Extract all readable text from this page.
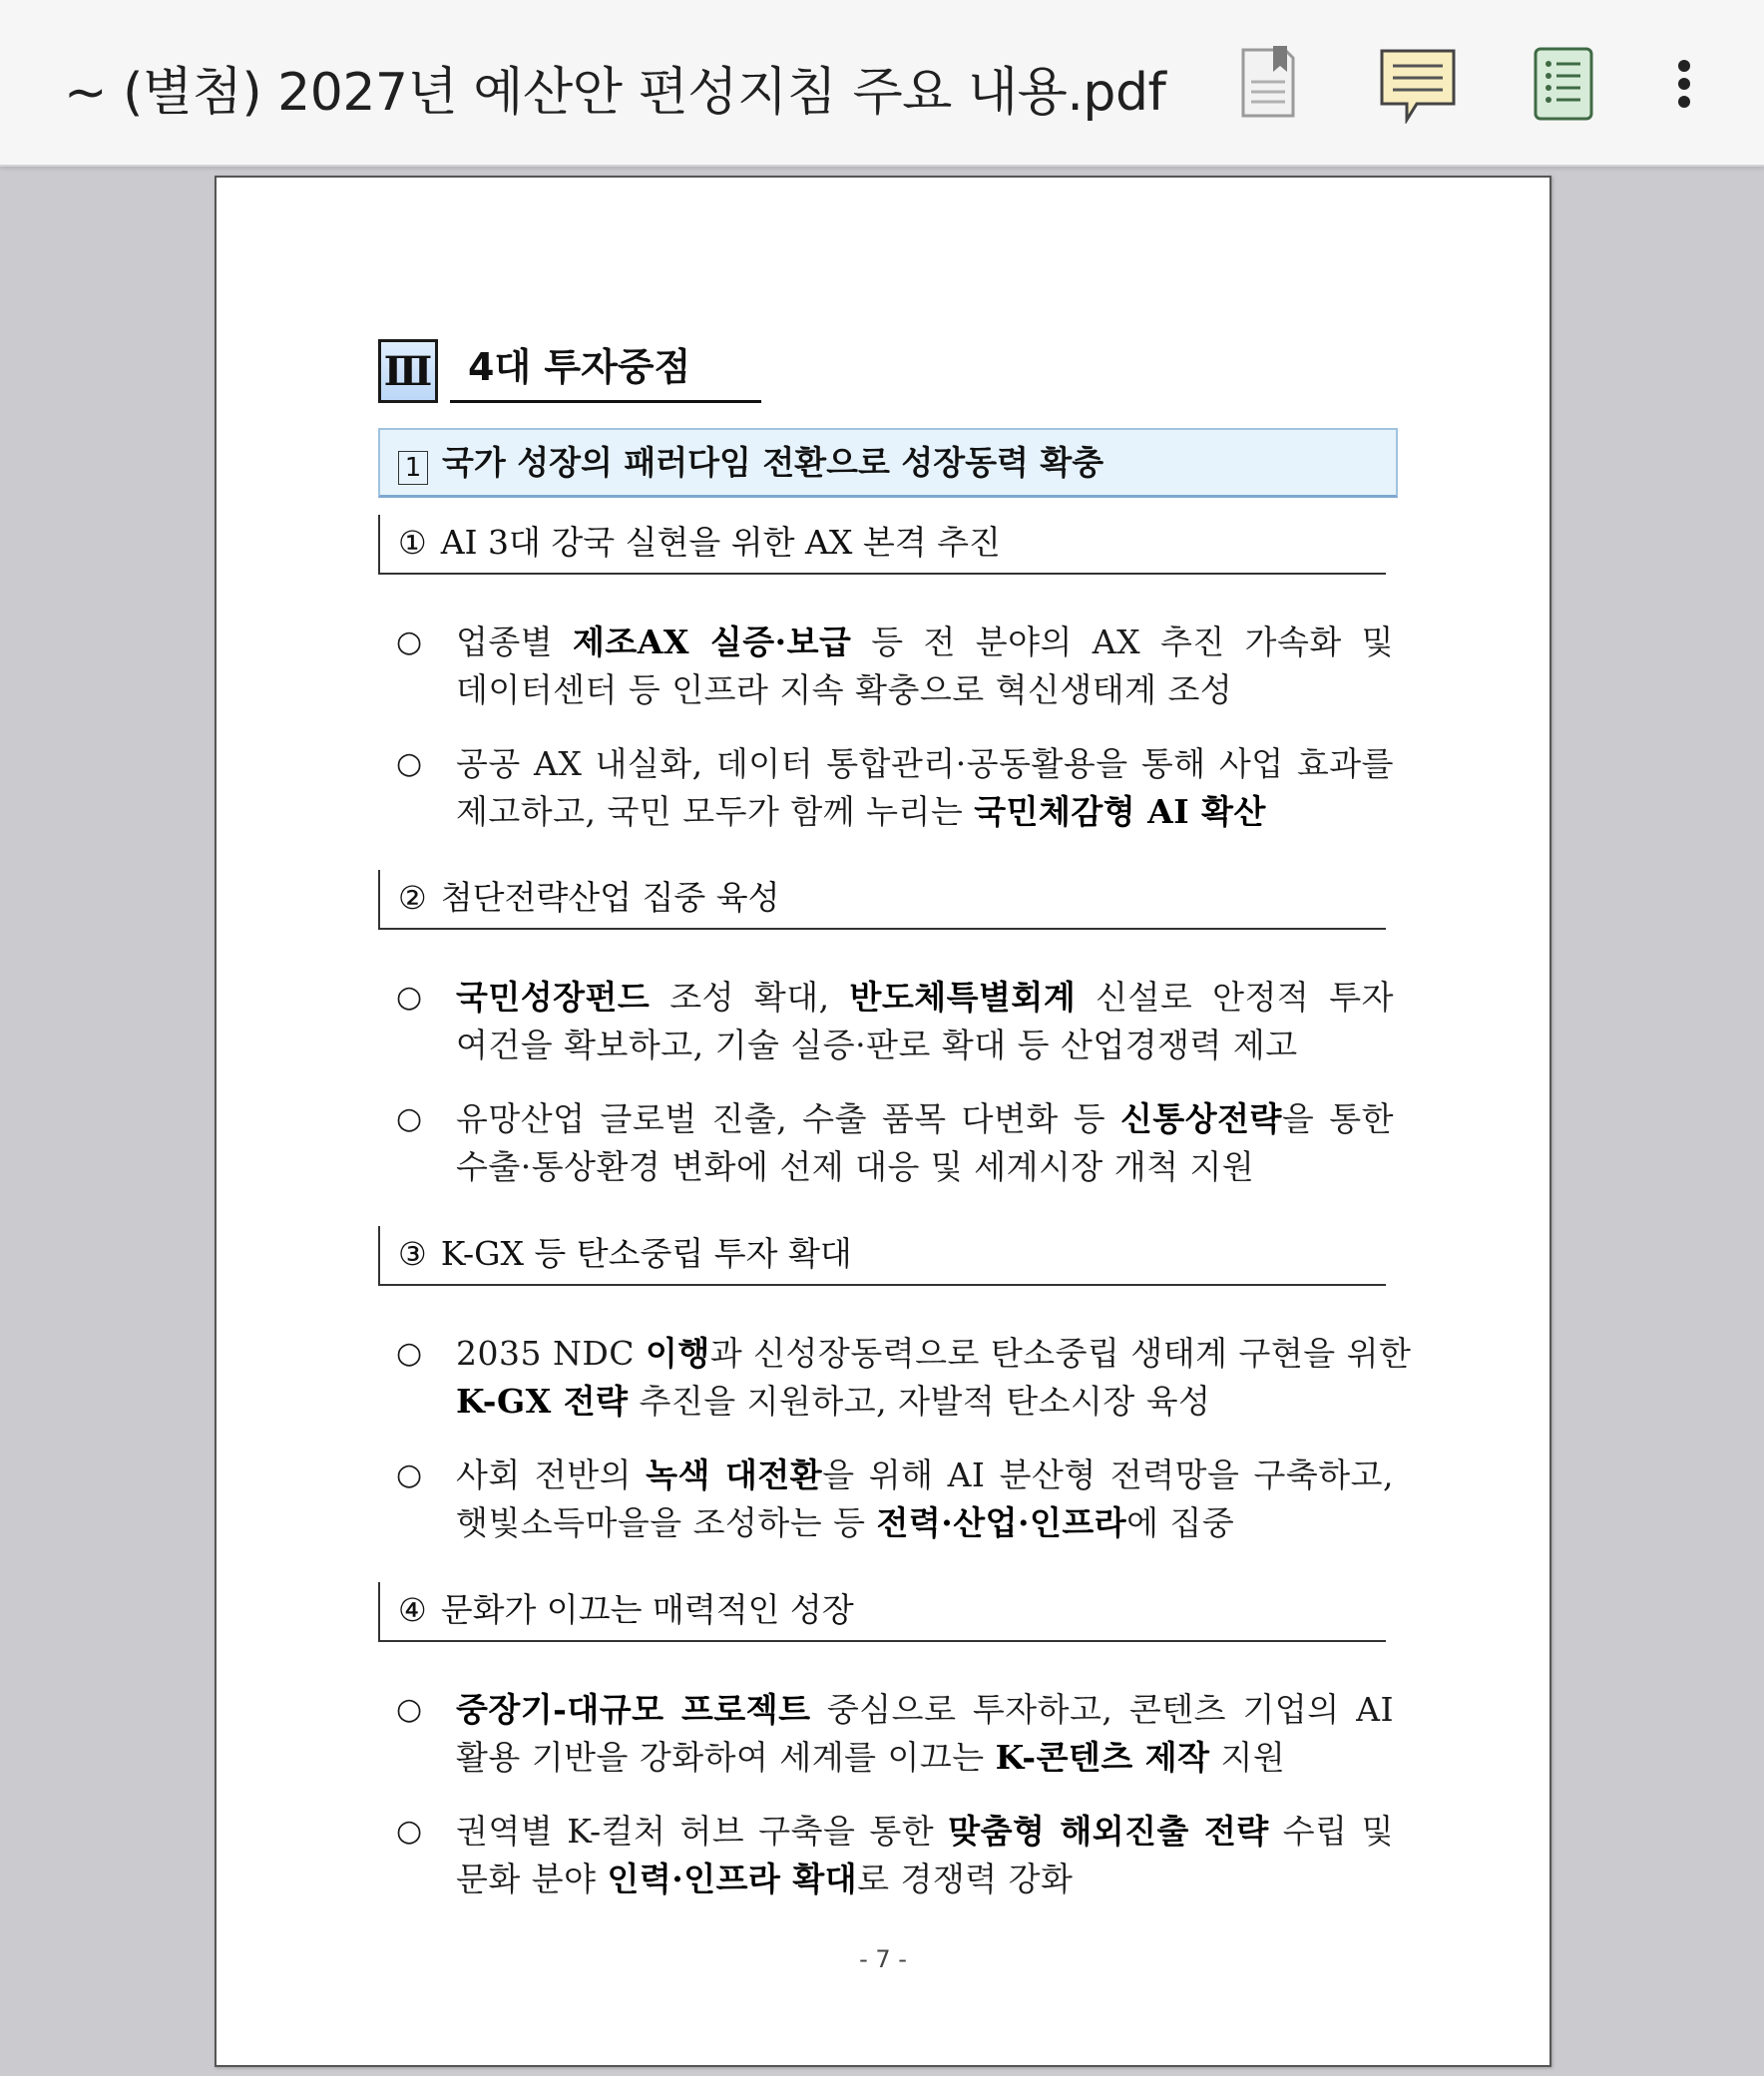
~ (별첨) 2027년 예산안 편성지침 주요 내용.pdf
Ⅲ 4대 투자중점
1 국가 성장의 패러다임 전환으로 성장동력 확충
① AI 3대 강국 실현을 위한 AX 본격 추진
○ 업종별 제조AX 실증·보급 등 전 분야의 AX 추진 가속화 및
데이터센터 등 인프라 지속 확충으로 혁신생태계 조성
○ 공공 AX 내실화, 데이터 통합관리·공동활용을 통해 사업 효과를
제고하고, 국민 모두가 함께 누리는 국민체감형 AI 확산
② 첨단전략산업 집중 육성
○ 국민성장펀드 조성 확대, 반도체특별회계 신설로 안정적 투자
여건을 확보하고, 기술 실증·판로 확대 등 산업경쟁력 제고
○ 유망산업 글로벌 진출, 수출 품목 다변화 등 신통상전략을 통한
수출·통상환경 변화에 선제 대응 및 세계시장 개척 지원
③ K-GX 등 탄소중립 투자 확대
○ 2035 NDC 이행과 신성장동력으로 탄소중립 생태계 구현을 위한
K-GX 전략 추진을 지원하고, 자발적 탄소시장 육성
○ 사회 전반의 녹색 대전환을 위해 AI 분산형 전력망을 구축하고,
햇빛소득마을을 조성하는 등 전력·산업·인프라에 집중
④ 문화가 이끄는 매력적인 성장
○ 중장기-대규모 프로젝트 중심으로 투자하고, 콘텐츠 기업의 AI
활용 기반을 강화하여 세계를 이끄는 K-콘텐츠 제작 지원
○ 권역별 K-컬처 허브 구축을 통한 맞춤형 해외진출 전략 수립 및
문화 분야 인력·인프라 확대로 경쟁력 강화
- 7 -
